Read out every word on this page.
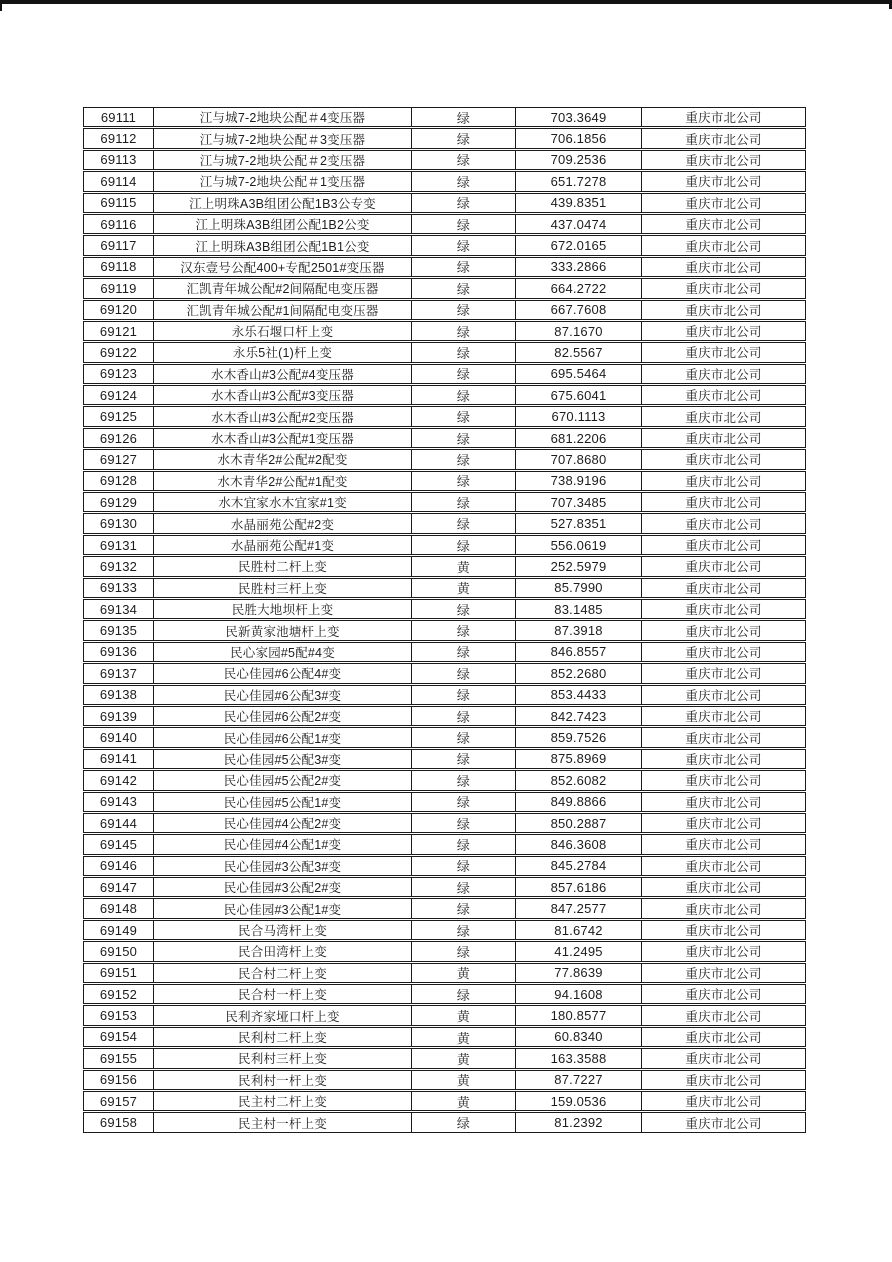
69111	江与城7-2地块公配＃4变压器	绿	703.3649	重庆市北公司
69112	江与城7-2地块公配＃3变压器	绿	706.1856	重庆市北公司
69113	江与城7-2地块公配＃2变压器	绿	709.2536	重庆市北公司
69114	江与城7-2地块公配＃1变压器	绿	651.7278	重庆市北公司
69115	江上明珠A3B组团公配1B3公专变	绿	439.8351	重庆市北公司
69116	江上明珠A3B组团公配1B2公变	绿	437.0474	重庆市北公司
69117	江上明珠A3B组团公配1B1公变	绿	672.0165	重庆市北公司
69118	汉东壹号公配400+专配2501#变压器	绿	333.2866	重庆市北公司
69119	汇凯青年城公配#2间隔配电变压器	绿	664.2722	重庆市北公司
69120	汇凯青年城公配#1间隔配电变压器	绿	667.7608	重庆市北公司
69121	永乐石堰口杆上变	绿	87.1670	重庆市北公司
69122	永乐5社(1)杆上变	绿	82.5567	重庆市北公司
69123	水木香山#3公配#4变压器	绿	695.5464	重庆市北公司
69124	水木香山#3公配#3变压器	绿	675.6041	重庆市北公司
69125	水木香山#3公配#2变压器	绿	670.1113	重庆市北公司
69126	水木香山#3公配#1变压器	绿	681.2206	重庆市北公司
69127	水木青华2#公配#2配变	绿	707.8680	重庆市北公司
69128	水木青华2#公配#1配变	绿	738.9196	重庆市北公司
69129	水木宜家水木宜家#1变	绿	707.3485	重庆市北公司
69130	水晶丽苑公配#2变	绿	527.8351	重庆市北公司
69131	水晶丽苑公配#1变	绿	556.0619	重庆市北公司
69132	民胜村二杆上变	黄	252.5979	重庆市北公司
69133	民胜村三杆上变	黄	85.7990	重庆市北公司
69134	民胜大地坝杆上变	绿	83.1485	重庆市北公司
69135	民新黄家池塘杆上变	绿	87.3918	重庆市北公司
69136	民心家园#5配#4变	绿	846.8557	重庆市北公司
69137	民心佳园#6公配4#变	绿	852.2680	重庆市北公司
69138	民心佳园#6公配3#变	绿	853.4433	重庆市北公司
69139	民心佳园#6公配2#变	绿	842.7423	重庆市北公司
69140	民心佳园#6公配1#变	绿	859.7526	重庆市北公司
69141	民心佳园#5公配3#变	绿	875.8969	重庆市北公司
69142	民心佳园#5公配2#变	绿	852.6082	重庆市北公司
69143	民心佳园#5公配1#变	绿	849.8866	重庆市北公司
69144	民心佳园#4公配2#变	绿	850.2887	重庆市北公司
69145	民心佳园#4公配1#变	绿	846.3608	重庆市北公司
69146	民心佳园#3公配3#变	绿	845.2784	重庆市北公司
69147	民心佳园#3公配2#变	绿	857.6186	重庆市北公司
69148	民心佳园#3公配1#变	绿	847.2577	重庆市北公司
69149	民合马湾杆上变	绿	81.6742	重庆市北公司
69150	民合田湾杆上变	绿	41.2495	重庆市北公司
69151	民合村二杆上变	黄	77.8639	重庆市北公司
69152	民合村一杆上变	绿	94.1608	重庆市北公司
69153	民利齐家垭口杆上变	黄	180.8577	重庆市北公司
69154	民利村二杆上变	黄	60.8340	重庆市北公司
69155	民利村三杆上变	黄	163.3588	重庆市北公司
69156	民利村一杆上变	黄	87.7227	重庆市北公司
69157	民主村二杆上变	黄	159.0536	重庆市北公司
69158	民主村一杆上变	绿	81.2392	重庆市北公司
